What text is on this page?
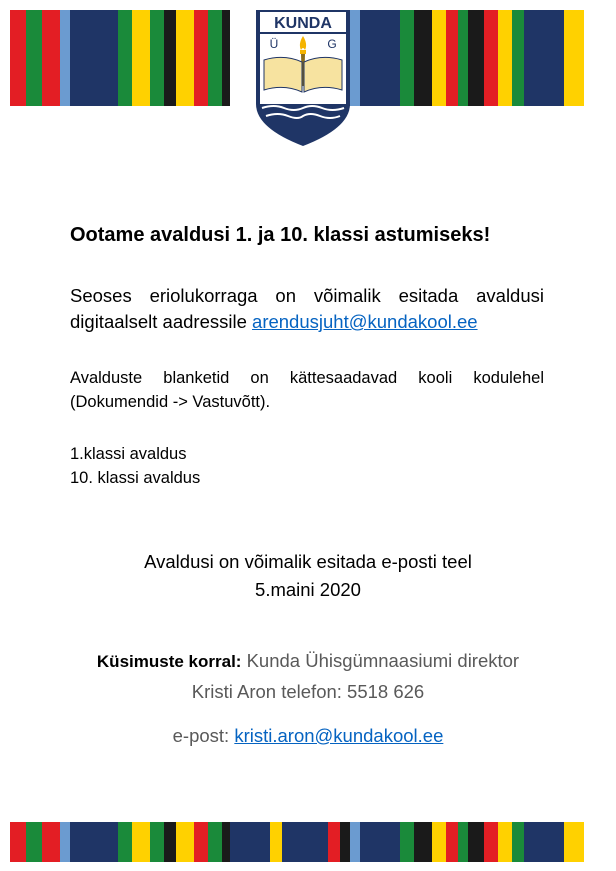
KUNDA
Ü	G
Ootame avaldusi 1. ja 10. klassi astumiseks!
Seoses eriolukorraga on võimalik esitada avaldusi
digitaalselt aadressile arendusjuht@kundakool.ee
Avalduste blanketid on kättesaadavad kooli kodulehel
(Dokumendid -> Vastuvõtt).
1.klassi avaldus
10. klassi avaldus
Avaldusi on võimalik esitada e-posti teel
5.maini 2020
Küsimuste korral: Kunda Ühisgümnaasiumi direktor
Kristi Aron telefon: 5518 626
e-post: kristi.aron@kundakool.ee
